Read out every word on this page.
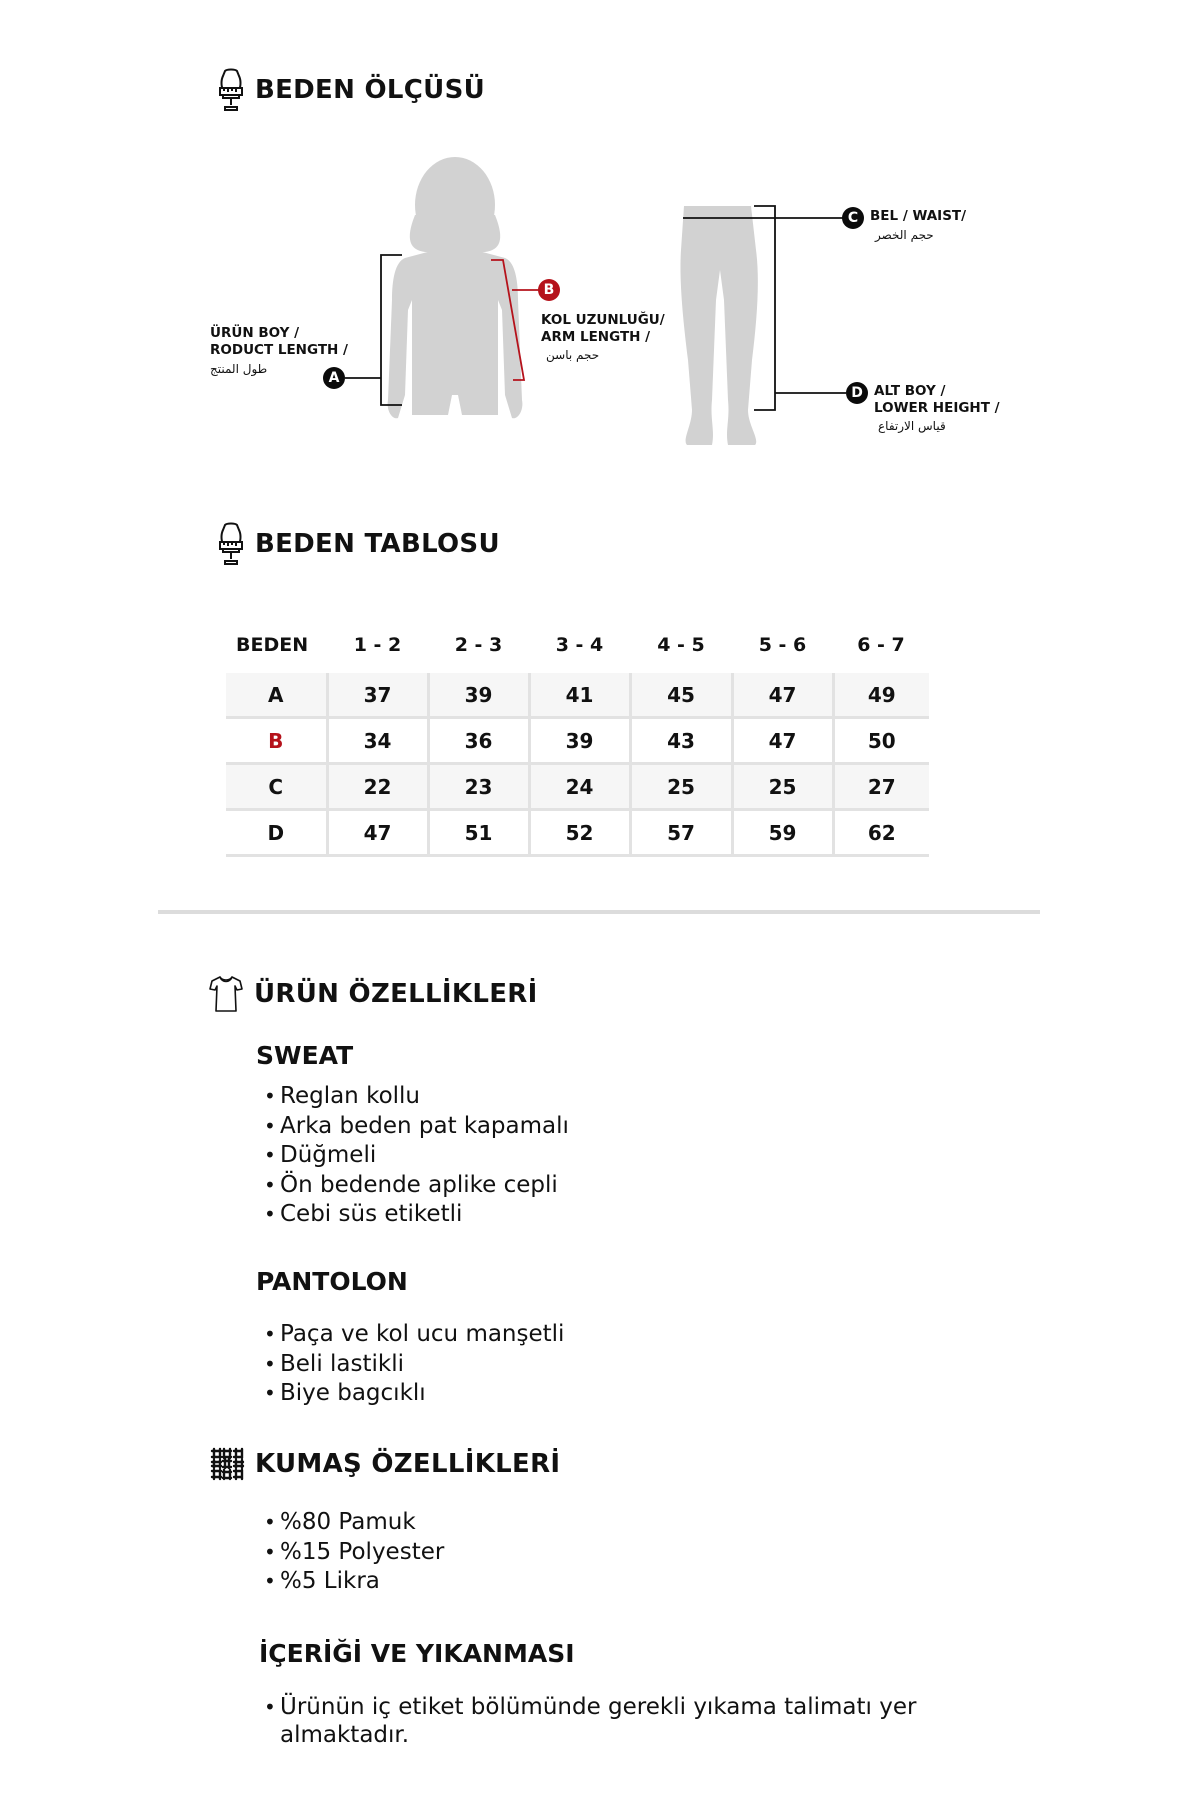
BEDEN ÖLÇÜSÜ
ÜRÜN BOY /
RODUCT LENGTH /
طول المنتج
A
B
KOL UZUNLUĞU/
ARM LENGTH /
حجم باسن
C BEL / WAIST/
حجم الخصر
D ALT BOY /
LOWER HEIGHT /
قياس الارتفاع
BEDEN TABLOSU
BEDEN	1 - 2	2 - 3	3 - 4	4 - 5	5 - 6	6 - 7

A	37	39	41	45	47	49
B	34	36	39	43	47	50
C	22	23	24	25	25	27
D	47	51	52	57	59	62
ÜRÜN ÖZELLİKLERİ
SWEAT
• Reglan kollu
• Arka beden pat kapamalı
• Düğmeli
• Ön bedende aplike cepli
• Cebi süs etiketli
PANTOLON
• Paça ve kol ucu manşetli
• Beli lastikli
• Biye bagcıklı
KUMAŞ ÖZELLİKLERİ
• %80 Pamuk
• %15 Polyester
• %5 Likra
İÇERİĞİ VE YIKANMASI
• Ürünün iç etiket bölümünde gerekli yıkama talimatı yer almaktadır.
